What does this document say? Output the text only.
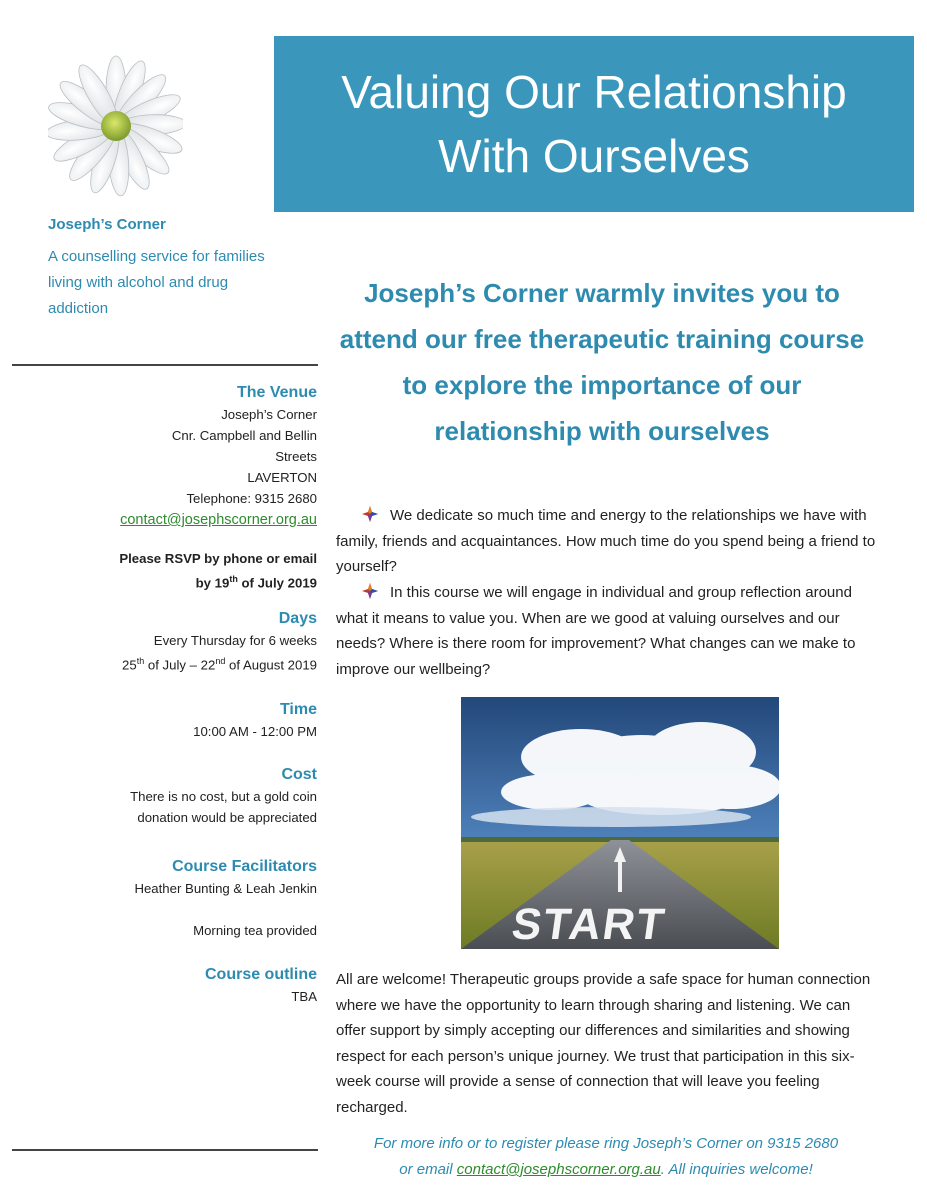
Joseph’s Corner
A counselling service for families living with alcohol and drug addiction
The Venue
Joseph’s Corner
Cnr. Campbell and Bellin
Streets
LAVERTON
Telephone: 9315 2680
contact@josephscorner.org.au
Please RSVP by phone or email
by 19th of July 2019
Days
Every Thursday for 6 weeks
25th of July – 22nd of August 2019
Time
10:00 AM - 12:00 PM
Cost
There is no cost, but a gold coin
donation would be appreciated
Course Facilitators
Heather Bunting & Leah Jenkin
Morning tea provided
Course outline
TBA
Valuing Our Relationship With Ourselves
Joseph’s Corner warmly invites you to attend our free therapeutic training course to explore the importance of our relationship with ourselves
We dedicate so much time and energy to the relationships we have with family, friends and acquaintances. How much time do you spend being a friend to yourself?
In this course we will engage in individual and group reflection around what it means to value you. When are we good at valuing ourselves and our needs? Where is there room for improvement? What changes can we make to improve our wellbeing?
START
All are welcome! Therapeutic groups provide a safe space for human connection where we have the opportunity to learn through sharing and listening. We can offer support by simply accepting our differences and similarities and showing respect for each person’s unique journey. We trust that participation in this six-week course will provide a sense of connection that will leave you feeling recharged.
For more info or to register please ring Joseph’s Corner on 9315 2680
or email contact@josephscorner.org.au. All inquiries welcome!
